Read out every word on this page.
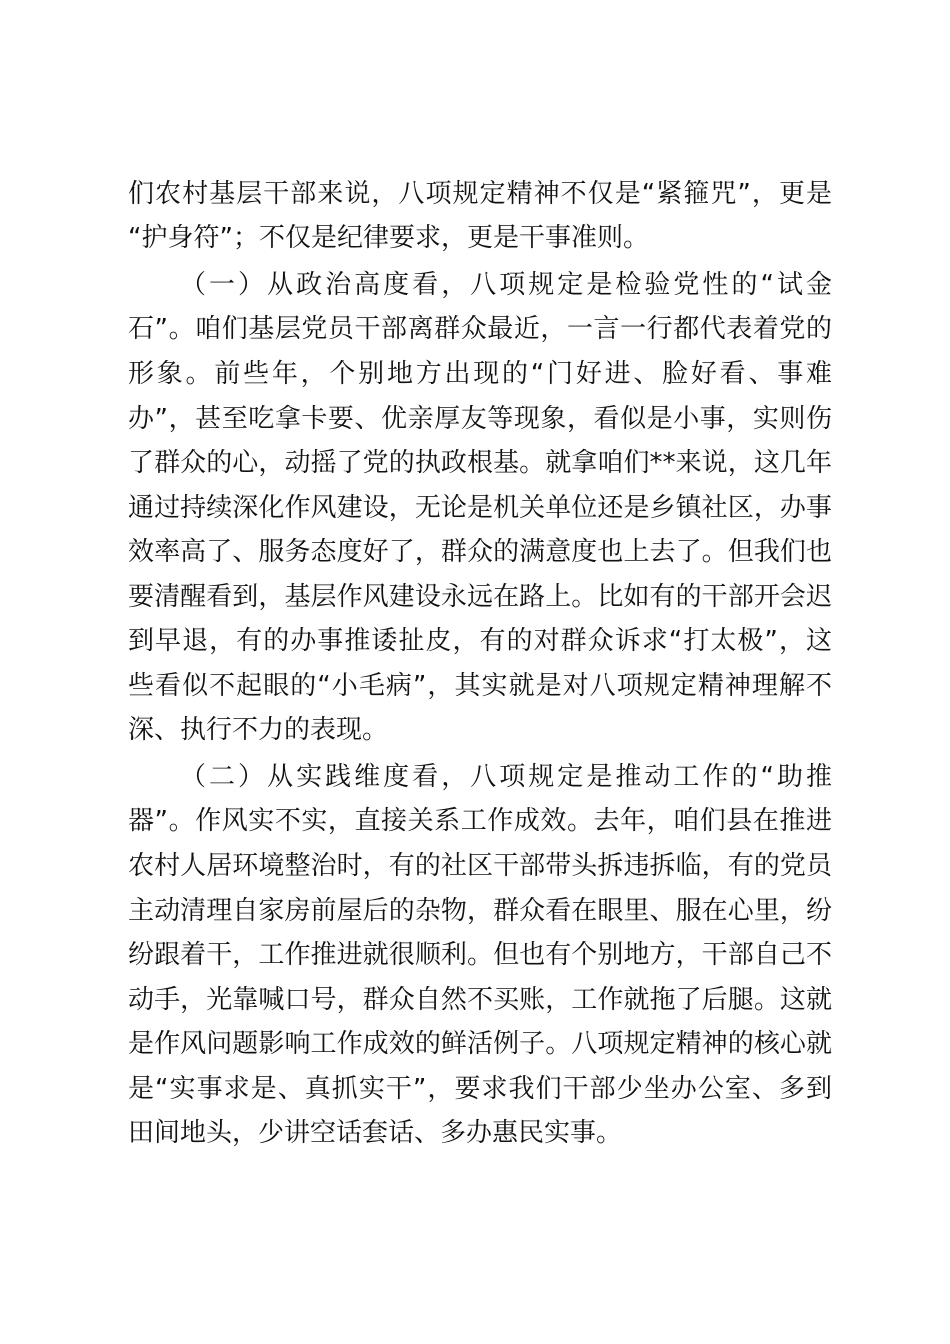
们农村基层干部来说，八项规定精神不仅是“紧箍咒”，更是
“护身符”；不仅是纪律要求，更是干事准则。
（一）从政治高度看，八项规定是检验党性的“试金
石”。咱们基层党员干部离群众最近，一言一行都代表着党的
形象。前些年，个别地方出现的“门好进、脸好看、事难
办”，甚至吃拿卡要、优亲厚友等现象，看似是小事，实则伤
了群众的心，动摇了党的执政根基。就拿咱们**来说，这几年
通过持续深化作风建设，无论是机关单位还是乡镇社区，办事
效率高了、服务态度好了，群众的满意度也上去了。但我们也
要清醒看到，基层作风建设永远在路上。比如有的干部开会迟
到早退，有的办事推诿扯皮，有的对群众诉求“打太极”，这
些看似不起眼的“小毛病”，其实就是对八项规定精神理解不
深、执行不力的表现。
（二）从实践维度看，八项规定是推动工作的“助推
器”。作风实不实，直接关系工作成效。去年，咱们县在推进
农村人居环境整治时，有的社区干部带头拆违拆临，有的党员
主动清理自家房前屋后的杂物，群众看在眼里、服在心里，纷
纷跟着干，工作推进就很顺利。但也有个别地方，干部自己不
动手，光靠喊口号，群众自然不买账，工作就拖了后腿。这就
是作风问题影响工作成效的鲜活例子。八项规定精神的核心就
是“实事求是、真抓实干”，要求我们干部少坐办公室、多到
田间地头，少讲空话套话、多办惠民实事。
